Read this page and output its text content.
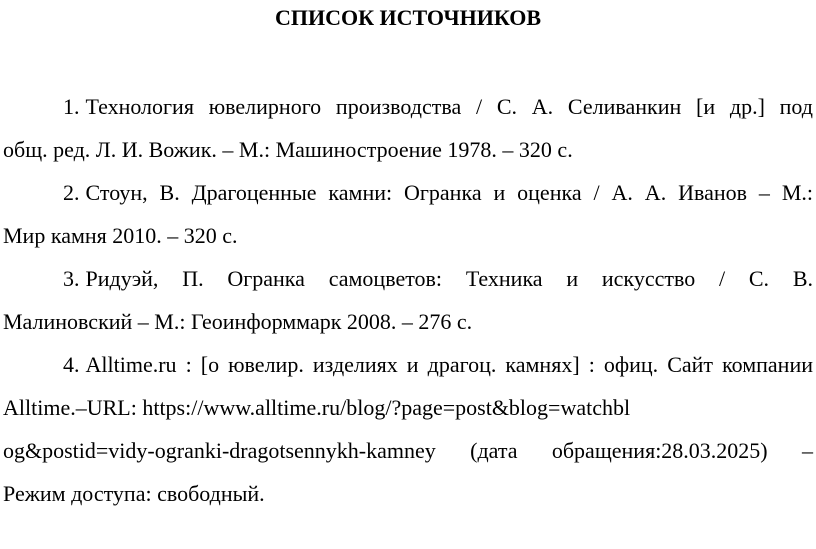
СПИСОК ИСТОЧНИКОВ
1. Технология ювелирного производства / С. А. Селиванкин [и др.] под
общ. ред. Л. И. Вожик. – М.: Машиностроение 1978. – 320 с.
2. Стоун, В. Драгоценные камни: Огранка и оценка / А. А. Иванов – М.:
Мир камня 2010. – 320 с.
3. Ридуэй, П. Огранка самоцветов: Техника и искусство / С. В.
Малиновский – М.: Геоинформмарк 2008. – 276 с.
4. Alltime.ru : [о ювелир. изделиях и драгоц. камнях] : офиц. Сайт компании
Alltime.–URL: https://www.alltime.ru/blog/?page=post&blog=watchbl
og&postid=vidy-ogranki-dragotsennykh-kamney (дата обращения:28.03.2025) –
Режим доступа: свободный.
